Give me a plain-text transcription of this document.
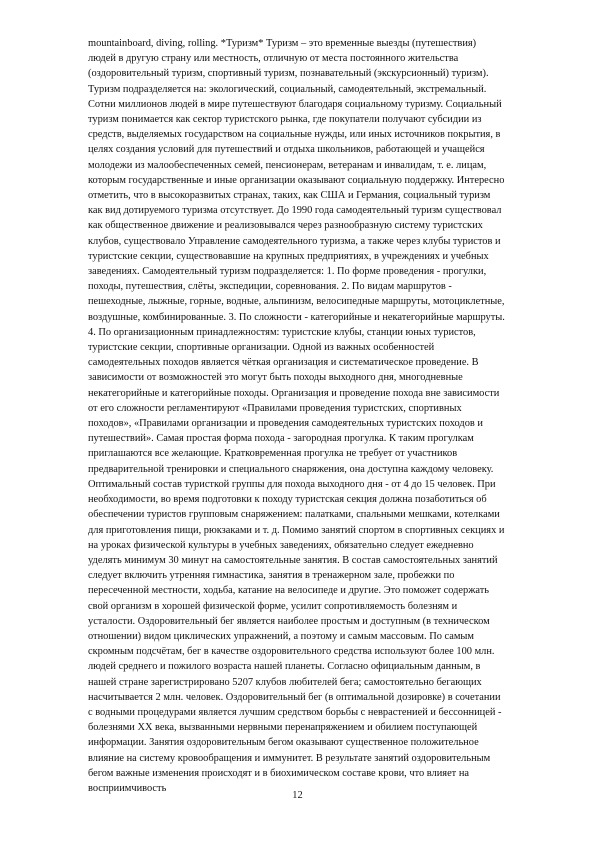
mountainboard, diving, rolling. *Туризм* Туризм – это временные выезды (путешествия) людей в другую страну или местность, отличную от места постоянного жительства (оздоровительный туризм, спортивный туризм, познавательный (экскурсионный) туризм). Туризм подразделяется на: экологический, социальный, самодеятельный, экстремальный. Сотни миллионов людей в мире путешествуют благодаря социальному туризму. Социальный туризм понимается как сектор туристского рынка, где покупатели получают субсидии из средств, выделяемых государством на социальные нужды, или иных источников покрытия, в целях создания условий для путешествий и отдыха школьников, работающей и учащейся молодежи из малообеспеченных семей, пенсионерам, ветеранам и инвалидам, т. е. лицам, которым государственные и иные организации оказывают социальную поддержку. Интересно отметить, что в высокоразвитых странах, таких, как США и Германия, социальный туризм как вид дотируемого туризма отсутствует. До 1990 года самодеятельный туризм существовал как общественное движение и реализовывался через разнообразную систему туристских клубов, существовало Управление самодеятельного туризма, а также через клубы туристов и туристские секции, существовавшие на крупных предприятиях, в учреждениях и учебных заведениях. Самодеятельный туризм подразделяется: 1. По форме проведения - прогулки, походы, путешествия, слёты, экспедиции, соревнования. 2. По видам маршрутов - пешеходные, лыжные, горные, водные, альпинизм, велосипедные маршруты, мотоциклетные, воздушные, комбинированные. 3. По сложности - категорийные и некатегорийные маршруты. 4. По организационным принадлежностям: туристские клубы, станции юных туристов, туристские секции, спортивные организации. Одной из важных особенностей самодеятельных походов является чёткая организация и систематическое проведение. В зависимости от возможностей это могут быть походы выходного дня, многодневные некатегорийные и категорийные походы. Организация и проведение похода вне зависимости от его сложности регламентируют «Правилами проведения туристских, спортивных походов», «Правилами организации и проведения самодеятельных туристских походов и путешествий». Самая простая форма похода - загородная прогулка. К таким прогулкам приглашаются все желающие. Кратковременная прогулка не требует от участников предварительной тренировки и специального снаряжения, она доступна каждому человеку. Оптимальный состав туристкой группы для похода выходного дня - от 4 до 15 человек. При необходимости, во время подготовки к походу туристская секция должна позаботиться об обеспечении туристов групповым снаряжением: палатками, спальными мешками, котелками для приготовления пищи, рюкзаками и т. д. Помимо занятий спортом в спортивных секциях и на уроках физической культуры в учебных заведениях, обязательно следует ежедневно уделять минимум 30 минут на самостоятельные занятия. В состав самостоятельных занятий следует включить утренняя гимнастика, занятия в тренажерном зале, пробежки по пересеченной местности, ходьба, катание на велосипеде и другие. Это поможет содержать свой организм в хорошей физической форме, усилит сопротивляемость болезням и усталости. Оздоровительный бег является наиболее простым и доступным (в техническом отношении) видом циклических упражнений, а поэтому и самым массовым. По самым скромным подсчётам, бег в качестве оздоровительного средства используют более 100 млн. людей среднего и пожилого возраста нашей планеты. Согласно официальным данным, в нашей стране зарегистрировано 5207 клубов любителей бега; самостоятельно бегающих насчитывается 2 млн. человек. Оздоровительный бег (в оптимальной дозировке) в сочетании с водными процедурами является лучшим средством борьбы с неврастенией и бессонницей - болезнями XX века, вызванными нервными перенапряжением и обилием поступающей информации. Занятия оздоровительным бегом оказывают существенное положительное влияние на систему кровообращения и иммунитет. В результате занятий оздоровительным бегом важные изменения происходят и в биохимическом составе крови, что влияет на восприимчивость

12
